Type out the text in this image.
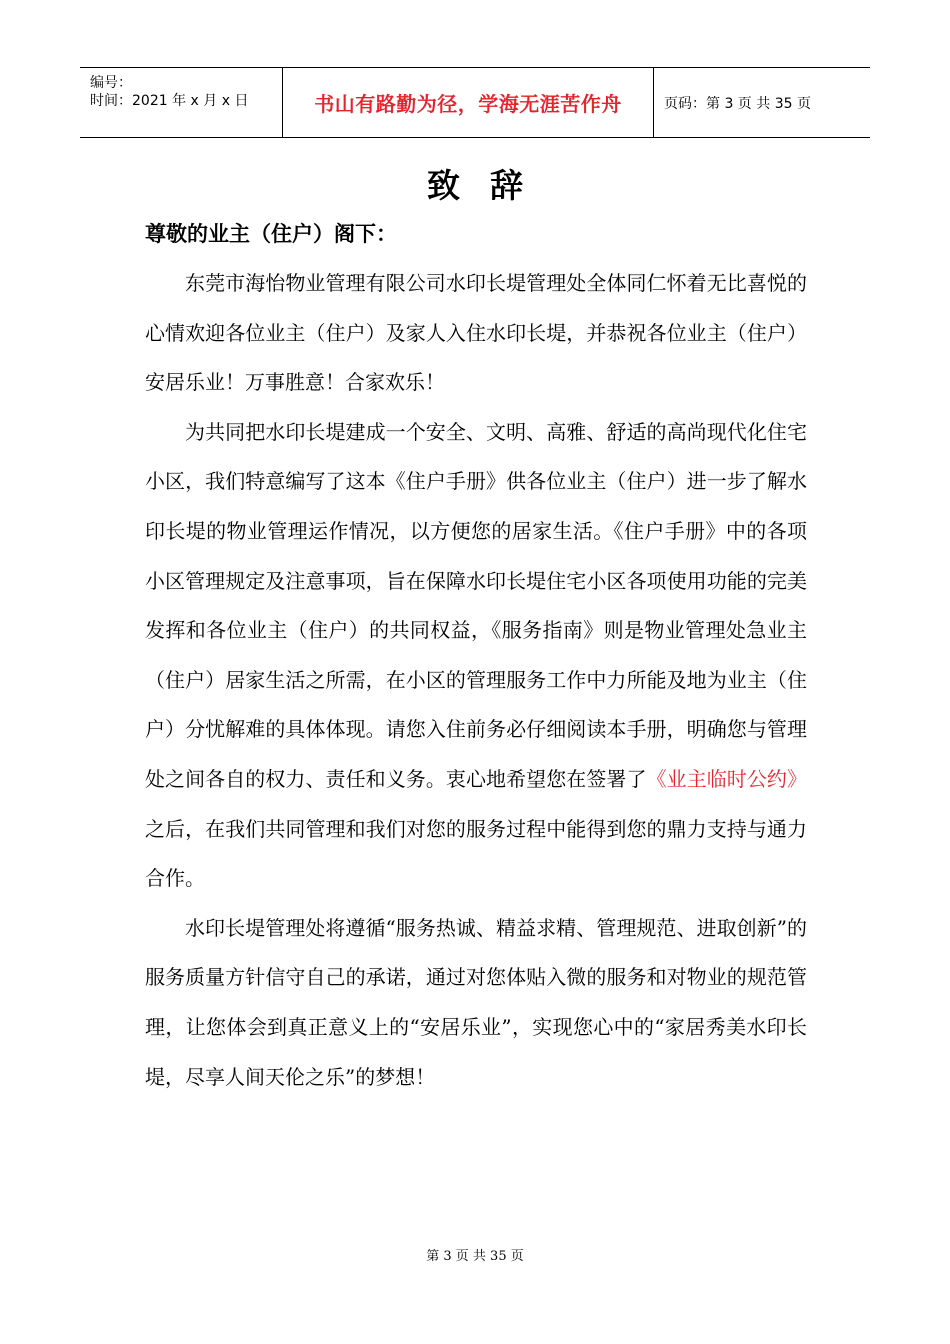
编号：
时间：2021 年 x 月 x 日	书山有路勤为径，学海无涯苦作舟	页码：第 3 页 共 35 页
致辞
尊敬的业主（住户）阁下：

东莞市海怡物业管理有限公司水印长堤管理处全体同仁怀着无比喜悦的心情欢迎各位业主（住户）及家人入住水印长堤，并恭祝各位业主（住户）安居乐业！万事胜意！合家欢乐！

为共同把水印长堤建成一个安全、文明、高雅、舒适的高尚现代化住宅小区，我们特意编写了这本《住户手册》供各位业主（住户）进一步了解水印长堤的物业管理运作情况，以方便您的居家生活。《住户手册》中的各项小区管理规定及注意事项，旨在保障水印长堤住宅小区各项使用功能的完美发挥和各位业主（住户）的共同权益，《服务指南》则是物业管理处急业主（住户）居家生活之所需，在小区的管理服务工作中力所能及地为业主（住户）分忧解难的具体体现。请您入住前务必仔细阅读本手册，明确您与管理处之间各自的权力、责任和义务。衷心地希望您在签署了《业主临时公约》之后，在我们共同管理和我们对您的服务过程中能得到您的鼎力支持与通力合作。

水印长堤管理处将遵循“服务热诚、精益求精、管理规范、进取创新”的服务质量方针信守自己的承诺，通过对您体贴入微的服务和对物业的规范管理，让您体会到真正意义上的“安居乐业”，实现您心中的“家居秀美水印长堤，尽享人间天伦之乐”的梦想！

第 3 页 共 35 页
